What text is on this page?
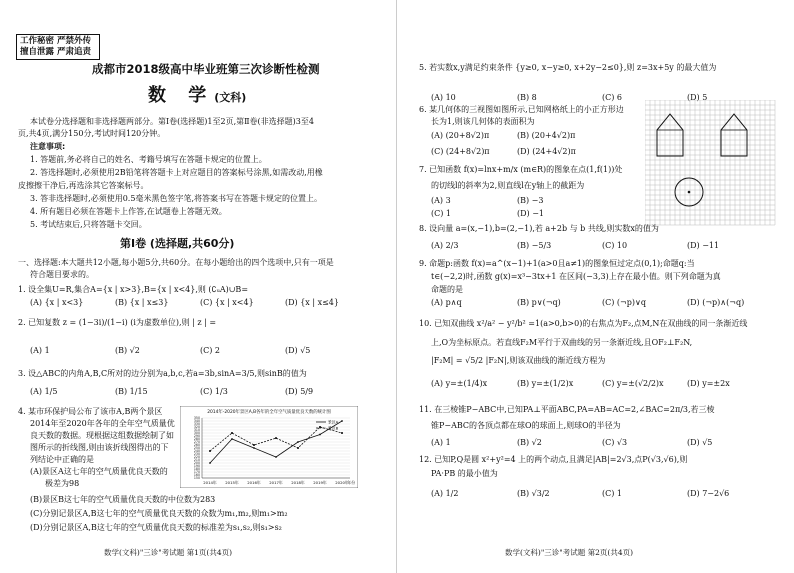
工作秘密 严禁外传
擅自泄露 严肃追责
成都市2018级高中毕业班第三次诊断性检测
数 学(文科)
本试卷分选择题和非选择题两部分。第Ⅰ卷(选择题)1至2页,第Ⅱ卷(非选择题)3至4
页,共4页,满分150分,考试时间120分钟。
注意事项:
1. 答题前,务必将自己的姓名、考籍号填写在答题卡规定的位置上。
2. 答选择题时,必须使用2B铅笔将答题卡上对应题目的答案标号涂黑,如需改动,用橡
皮擦擦干净后,再选涂其它答案标号。
3. 答非选择题时,必须使用0.5毫米黑色签字笔,将答案书写在答题卡规定的位置上。
4. 所有题目必须在答题卡上作答,在试题卷上答题无效。
5. 考试结束后,只将答题卡交回。
第Ⅰ卷 (选择题,共60分)
一、选择题:本大题共12小题,每小题5分,共60分。在每小题给出的四个选项中,只有一项是
符合题目要求的。
1. 设全集U=R,集合A={x | x>3},B={x | x<4},则 (∁ᵤA)∪B=
(A) {x | x<3}	(B) {x | x≤3}	(C) {x | x<4}	(D) {x | x≤4}
2. 已知复数 z = (1−3i)/(1−i) (i为虚数单位),则 | z | =
(A) 1	(B) √2	(C) 2	(D) √5
3. 设△ABC的内角A,B,C所对的边分别为a,b,c,若a=3b,sinA=3/5,则sinB的值为
(A) 1/5	(B) 1/15	(C) 1/3	(D) 5/9
4. 某市环保护局公布了该市A,B两个景区
2014年至2020年各年的全年空气质量优
良天数的数据。现根据这组数据绘制了如
图所示的折线图,则由该折线图得出的下
列结论中正确的是
(A)景区A这七年的空气质量优良天数的
极差为98
(B)景区B这七年的空气质量优良天数的中位数为283
(C)分别记景区A,B这七年的空气质量优良天数的众数为m₁,m₂,则m₁>m₂
(D)分别记景区A,B这七年的空气质量优良天数的标准差为s₁,s₂,则s₁>s₂
2014年-2020年景区A,B各年的全年空气质量优良天数的统计图
150
160
170
180
190
200
210
220
230
240
250
260
270
280
290
300
310
320
330
340
350
2014年 2015年 2016年 2017年 2018年 2019年 2020年
年份
景区A
景区B
数学(文科)"三诊"考试题 第1页(共4页)
5. 若实数x,y满足约束条件 {y≥0, x−y≥0, x+2y−2≤0},则 z=3x+5y 的最大值为
(A) 10	(B) 8	(C) 6	(D) 5
6. 某几何体的三视图如图所示,已知网格纸上的小正方形边
长为1,则该几何体的表面积为
(A) (20+8√2)π	(B) (20+4√2)π
(C) (24+8√2)π	(D) (24+4√2)π
7. 已知函数 f(x)=lnx+m/x (m∈R)的图象在点(1,f(1))处
的切线l的斜率为2,则直线l在y轴上的截距为
(A) 3	(B) −3
(C) 1	(D) −1
8. 设向量 a=(x,−1),b=(2,−1),若 a+2b 与 b 共线,则实数x的值为
(A) 2/3	(B) −5/3	(C) 10	(D) −11
9. 命题p:函数 f(x)=a^(x−1)+1(a>0且a≠1)的图象恒过定点(0,1);命题q:当
t∈(−2,2)时,函数 g(x)=x³−3tx+1 在区间(−3,3)上存在最小值。则下列命题为真
命题的是
(A) p∧q	(B) p∨(¬q)	(C) (¬p)∨q	(D) (¬p)∧(¬q)
10. 已知双曲线 x²/a² − y²/b² =1(a>0,b>0)的右焦点为F₂,点M,N在双曲线的同一条渐近线
上,O为坐标原点。若直线F₂M平行于双曲线的另一条渐近线,且OF₂⊥F₂N,
|F₂M| = √5/2 |F₂N|,则该双曲线的渐近线方程为
(A) y=±(1/4)x	(B) y=±(1/2)x	(C) y=±(√2/2)x	(D) y=±2x
11. 在三棱锥P−ABC中,已知PA⊥平面ABC,PA=AB=AC=2,∠BAC=2π/3,若三棱
锥P−ABC的各顶点都在球O的球面上,则球O的半径为
(A) 1	(B) √2	(C) √3	(D) √5
12. 已知P,Q是圆 x²+y²=4 上的两个动点,且满足|AB|=2√3,点P(√3,√6),则
PA·PB 的最小值为
(A) 1/2	(B) √3/2	(C) 1	(D) 7−2√6
数学(文科)"三诊"考试题 第2页(共4页)
